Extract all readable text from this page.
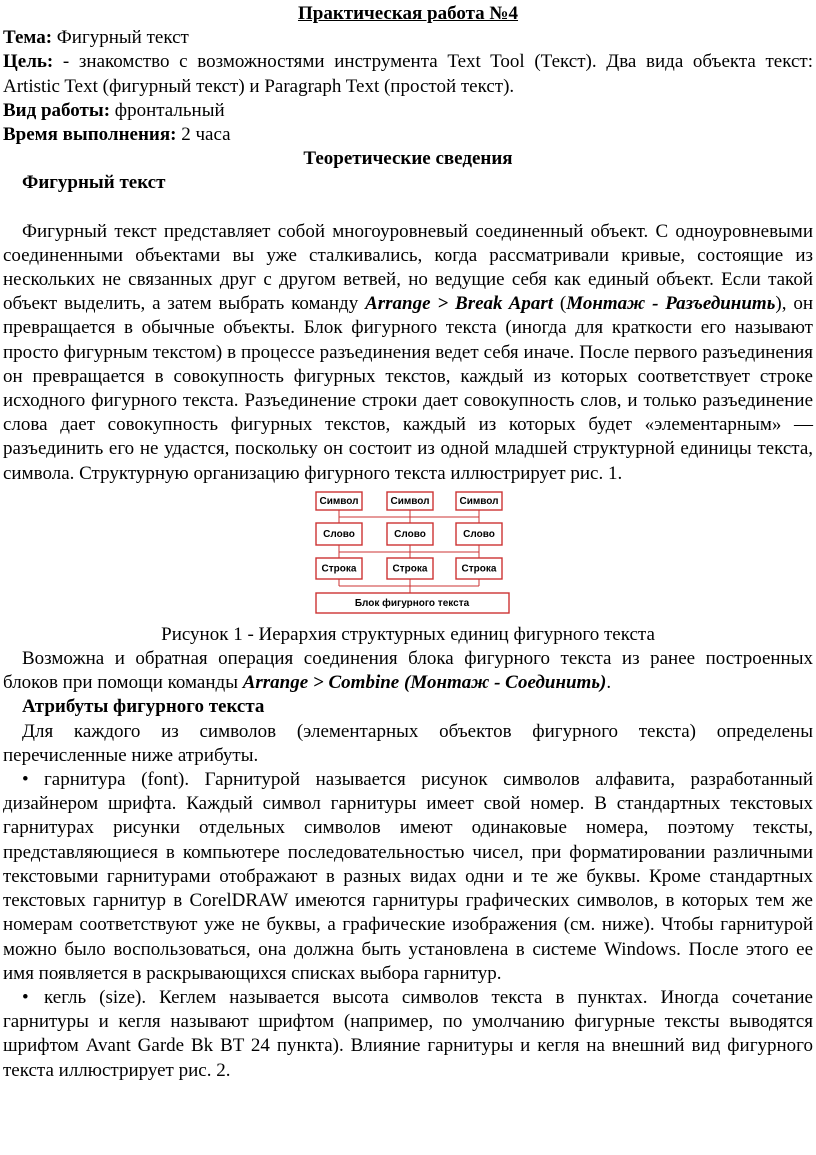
Практическая работа №4

Тема: Фигурный текст

Цель: - знакомство с возможностями инструмента Text Tool (Текст). Два вида объекта текст: Artistic Text (фигурный текст) и Paragraph Text (простой текст).

Вид работы: фронтальный

Время выполнения: 2 часа

Теоретические сведения

Фигурный текст

Фигурный текст представляет собой многоуровневый соединенный объект. С одноуровневыми соединенными объектами вы уже сталкивались, когда рассматривали кривые, состоящие из нескольких не связанных друг с другом ветвей, но ведущие себя как единый объект. Если такой объект выделить, а затем выбрать команду Arrange > Break Apart (Монтаж - Разъединить), он превращается в обычные объекты. Блок фигурного текста (иногда для краткости его называют просто фигурным текстом) в процессе разъединения ведет себя иначе. После первого разъединения он превращается в совокупность фигурных текстов, каждый из которых соответствует строке исходного фигурного текста. Разъединение строки дает совокупность слов, и только разъединение слова дает совокупность фигурных текстов, каждый из которых будет «элементарным» — разъединить его не удастся, поскольку он состоит из одной младшей структурной единицы текста, символа. Структурную организацию фигурного текста иллюстрирует рис. 1.

Символ	Символ	Символ
Слово	Слово	Слово
Строка	Строка	Строка
Блок фигурного текста

Рисунок 1 - Иерархия структурных единиц фигурного текста

Возможна и обратная операция соединения блока фигурного текста из ранее построенных блоков при помощи команды Arrange > Combine (Монтаж - Соединить).

Атрибуты фигурного текста

Для каждого из символов (элементарных объектов фигурного текста) определены перечисленные ниже атрибуты.

• гарнитура (font). Гарнитурой называется рисунок символов алфавита, разработанный дизайнером шрифта. Каждый символ гарнитуры имеет свой номер. В стандартных текстовых гарнитурах рисунки отдельных символов имеют одинаковые номера, поэтому тексты, представляющиеся в компьютере последовательностью чисел, при форматировании различными текстовыми гарнитурами отображают в разных видах одни и те же буквы. Кроме стандартных текстовых гарнитур в CorelDRAW имеются гарнитуры графических символов, в которых тем же номерам соответствуют уже не буквы, а графические изображения (см. ниже). Чтобы гарнитурой можно было воспользоваться, она должна быть установлена в системе Windows. После этого ее имя появляется в раскрывающихся списках выбора гарнитур.

• кегль (size). Кеглем называется высота символов текста в пунктах. Иногда сочетание гарнитуры и кегля называют шрифтом (например, по умолчанию фигурные тексты выводятся шрифтом Avant Garde Bk BT 24 пункта). Влияние гарнитуры и кегля на внешний вид фигурного текста иллюстрирует рис. 2.
